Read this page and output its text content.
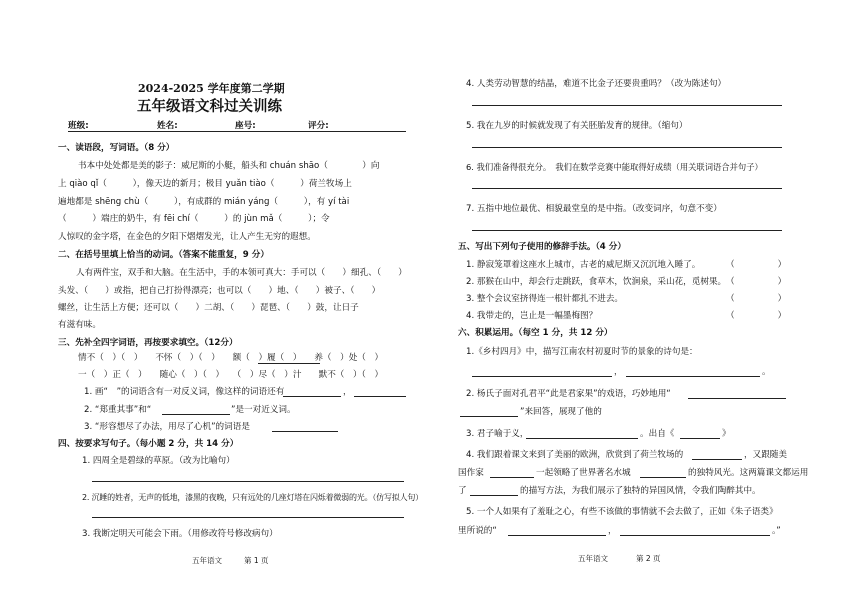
2024-2025 学年度第二学期
五年级语文科过关训练
班级:	姓名:	座号:	评分:
一、读语段，写词语。（8 分）
书本中处处都是美的影子：威尼斯的小艇，船头和 chuán shāo（　　　　）向
上 qiào qǐ（　　　），像天边的新月；极目 yuǎn tiào（　　　）荷兰牧场上
遍地都是 shēng chù（　　　），有成群的 mián yáng（　　　），有 yí tài
（　　　）端庄的奶牛，有 fēi chí（　　　）的 jùn mǎ（　　　）；令
人惊叹的金字塔，在金色的夕阳下熠熠发光，让人产生无穷的遐想。
二、在括号里填上恰当的动词。（答案不能重复，9 分）
人有两件宝，双手和大脑。在生活中，手的本领可真大：手可以（　　）细孔、（　　）
头发、（　　）或指，把自己打扮得漂亮；也可以（　　）地、（　　）被子、（　　）
螺丝，让生活上方便；还可以（　　）二胡、（　　）琵琶、（　　）鼓，让日子
有滋有味。
三、先补全四字词语，再按要求填空。（12分）
情不（　）（　）　　不怀（　）（　）　　额（　）履（　）　　养（　）处（　）
一（　）正（　）　　随心（　）（　）　　（　）尽（　）汁　　默不（　）（　）
1. 画“　”的词语含有一对反义词，像这样的词语还有	，
2. “郑重其事”和“	”是一对近义词。
3. “形容想尽了办法，用尽了心机”的词语是
四、按要求写句子。（每小题 2 分，共 14 分）
1. 四周全是碧绿的草原。（改为比喻句）
2. 沉睡的姓者，无声的低地，漆黑的夜晚，只有远处的几座灯塔在闪烁着微弱的光。（仿写拟人句）
3. 我断定明天可能会下雨。（用修改符号修改病句）
五年语文	第 1 页
4. 人类劳动智慧的结晶，难道不比金子还要贵重吗？（改为陈述句）
5. 我在九岁的时候就发现了有关胚胎发育的规律。（缩句）
6. 我们准备得很充分。　我们在数学竞赛中能取得好成绩（用关联词语合并句子）
7. 五指中地位最优、相貌最堂皇的是中指。（改变词序，句意不变）
五、写出下列句子使用的修辞手法。（4 分）
1. 静寂笼罩着这座水上城市，古老的威尼斯又沉沉地入睡了。	（　　　　　）
2. 那猴在山中，却会行走跳跃，食草木，饮涧泉，采山花，觅树果。 （　　　　　）
3. 整个会议室挤得连一根针都扎不进去。	（　　　　　）
4. 我带走的，岂止是一幅墨梅图？	（　　　　　）
六、积累运用。（每空 1 分，共 12 分）
1.《乡村四月》中，描写江南农村初夏时节的景象的诗句是：
，	。
2. 杨氏子面对孔君平“此是君家果”的戏语，巧妙地用“
”来回答，展现了他的
3. 君子喻于义，	。出自《	》
4. 我们跟着课文来到了美丽的欧洲，欣赏到了荷兰牧场的	，又跟随美
国作家	一起领略了世界著名水城	的独特风光。这两篇课文都运用
了	的描写方法，为我们展示了独特的异国风情，令我们陶醉其中。
5. 一个人如果有了羞耻之心，有些不该做的事情就不会去做了，正如《朱子语类》
里所说的“	，	。”
五年语文	第 2 页
